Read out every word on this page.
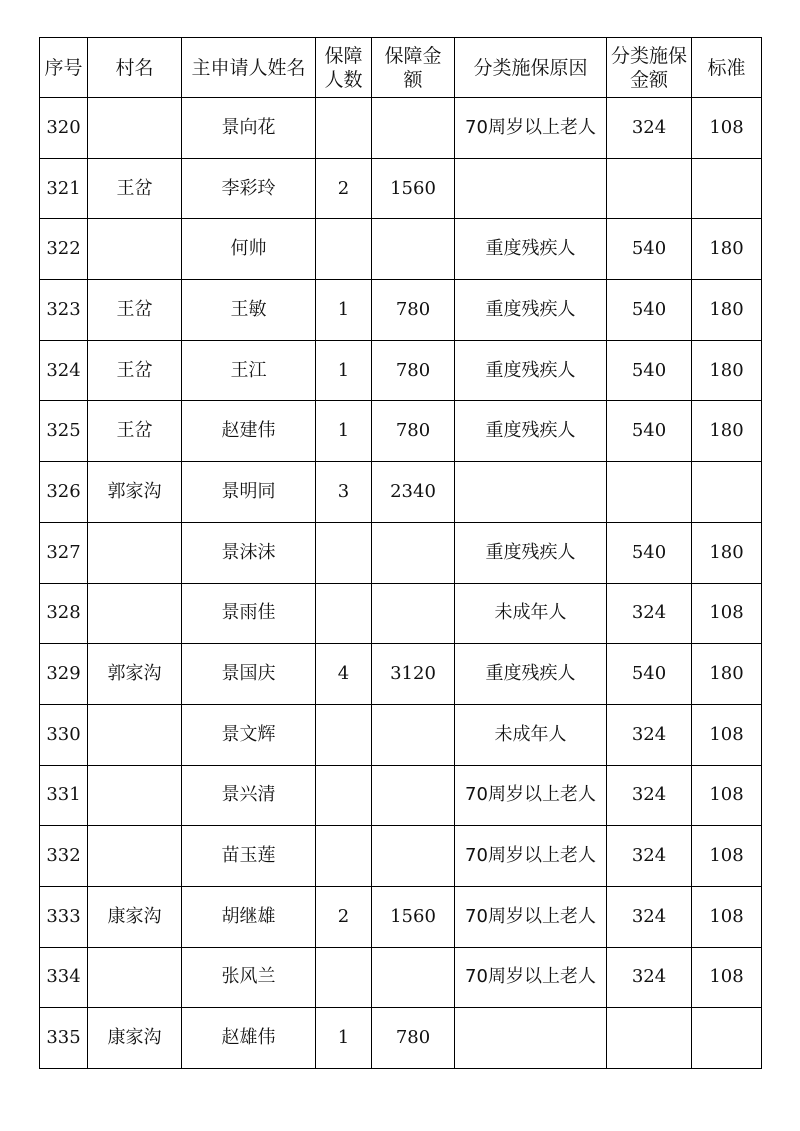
序号	村名	主申请人姓名	保障人数	保障金额	分类施保原因	分类施保金额	标准
320		景向花			70周岁以上老人	324	108
321	王岔	李彩玲	2	1560			
322		何帅			重度残疾人	540	180
323	王岔	王敏	1	780	重度残疾人	540	180
324	王岔	王江	1	780	重度残疾人	540	180
325	王岔	赵建伟	1	780	重度残疾人	540	180
326	郭家沟	景明同	3	2340			
327		景沫沫			重度残疾人	540	180
328		景雨佳			未成年人	324	108
329	郭家沟	景国庆	4	3120	重度残疾人	540	180
330		景文辉			未成年人	324	108
331		景兴清			70周岁以上老人	324	108
332		苗玉莲			70周岁以上老人	324	108
333	康家沟	胡继雄	2	1560	70周岁以上老人	324	108
334		张风兰			70周岁以上老人	324	108
335	康家沟	赵雄伟	1	780			
